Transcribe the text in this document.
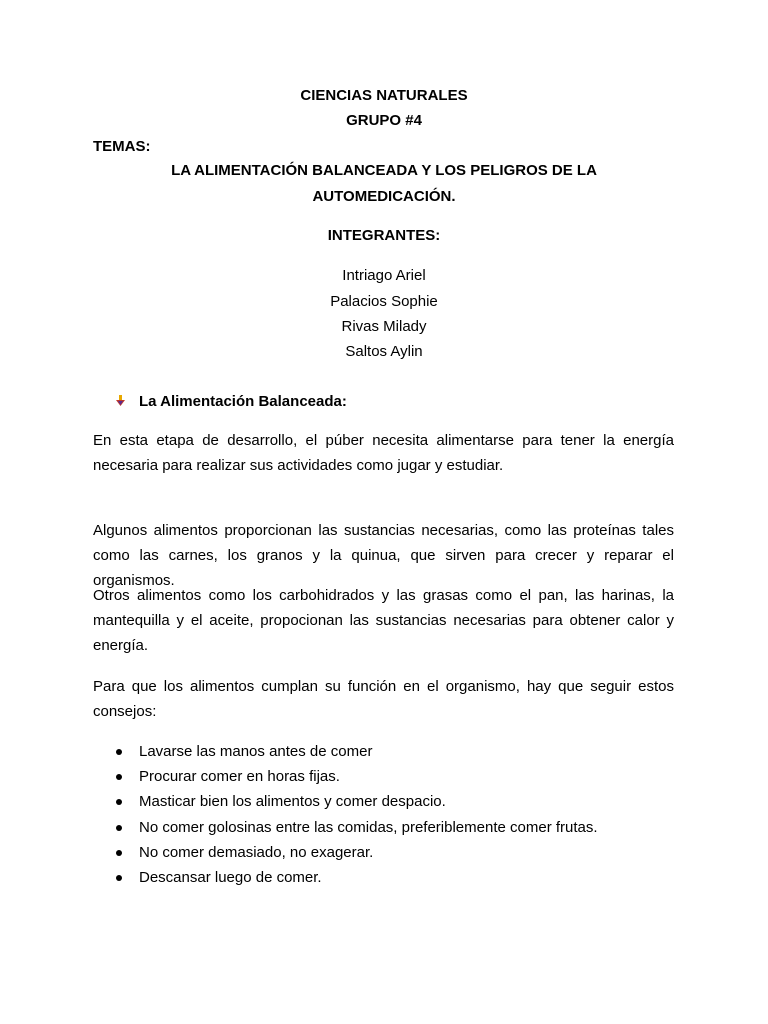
CIENCIAS NATURALES
GRUPO #4
TEMAS:
LA ALIMENTACIÓN BALANCEADA Y LOS PELIGROS DE LA
AUTOMEDICACIÓN.
INTEGRANTES:
Intriago Ariel
Palacios Sophie
Rivas Milady
Saltos Aylin
La Alimentación Balanceada:
En esta etapa de desarrollo, el púber necesita alimentarse para tener la energía necesaria para realizar sus actividades como jugar y estudiar.
Algunos alimentos proporcionan las sustancias necesarias, como las proteínas tales como las carnes, los granos y la quinua, que sirven para crecer y reparar el organismos.
Otros alimentos como los carbohidrados y las grasas como el pan, las harinas, la mantequilla y el aceite, propocionan las sustancias necesarias para obtener calor y energía.
Para que los alimentos cumplan su función en el organismo, hay que seguir estos consejos:
Lavarse las manos antes de comer
Procurar comer en horas fijas.
Masticar bien los alimentos y comer despacio.
No comer golosinas entre las comidas, preferiblemente comer frutas.
No comer demasiado, no exagerar.
Descansar luego de comer.
